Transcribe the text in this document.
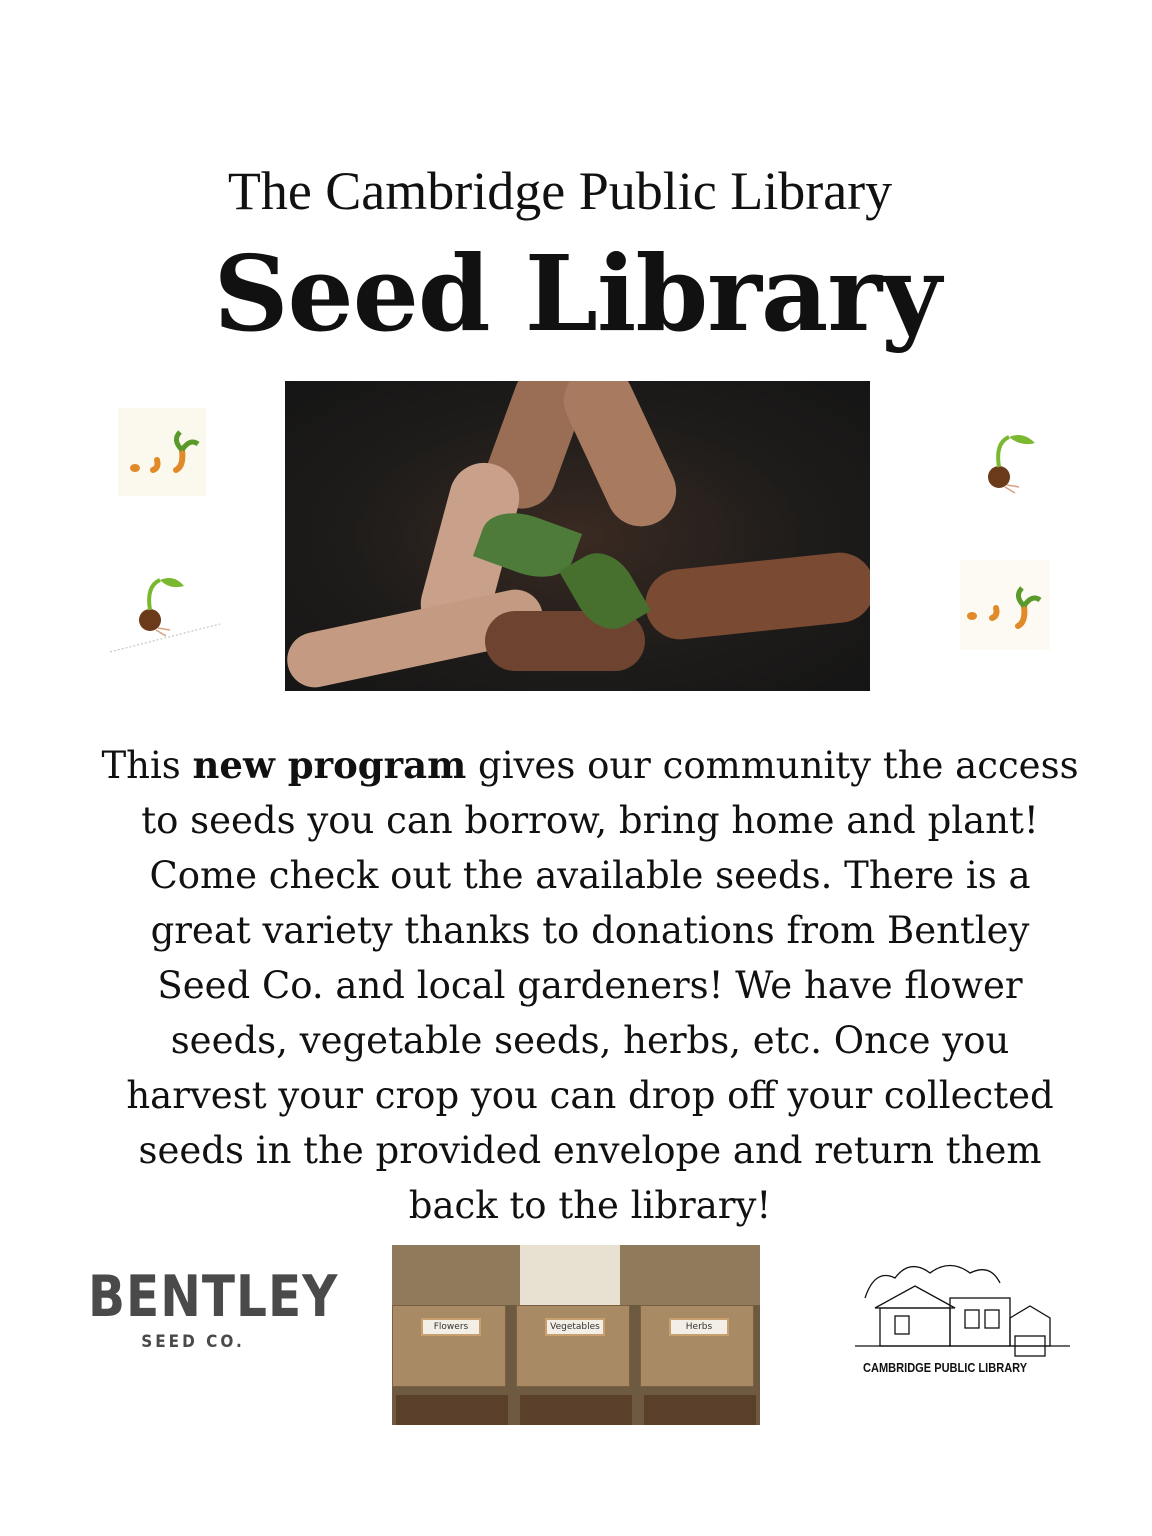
The Cambridge Public Library
Seed Library
This new program gives our community the access to seeds you can borrow, bring home and plant! Come check out the available seeds. There is a great variety thanks to donations from Bentley Seed Co. and local gardeners! We have flower seeds, vegetable seeds, herbs, etc. Once you harvest your crop you can drop off your collected seeds in the provided envelope and return them back to the library!
BENTLEY
SEED CO.
Flowers	Vegetables	Herbs
CAMBRIDGE PUBLIC LIBRARY
